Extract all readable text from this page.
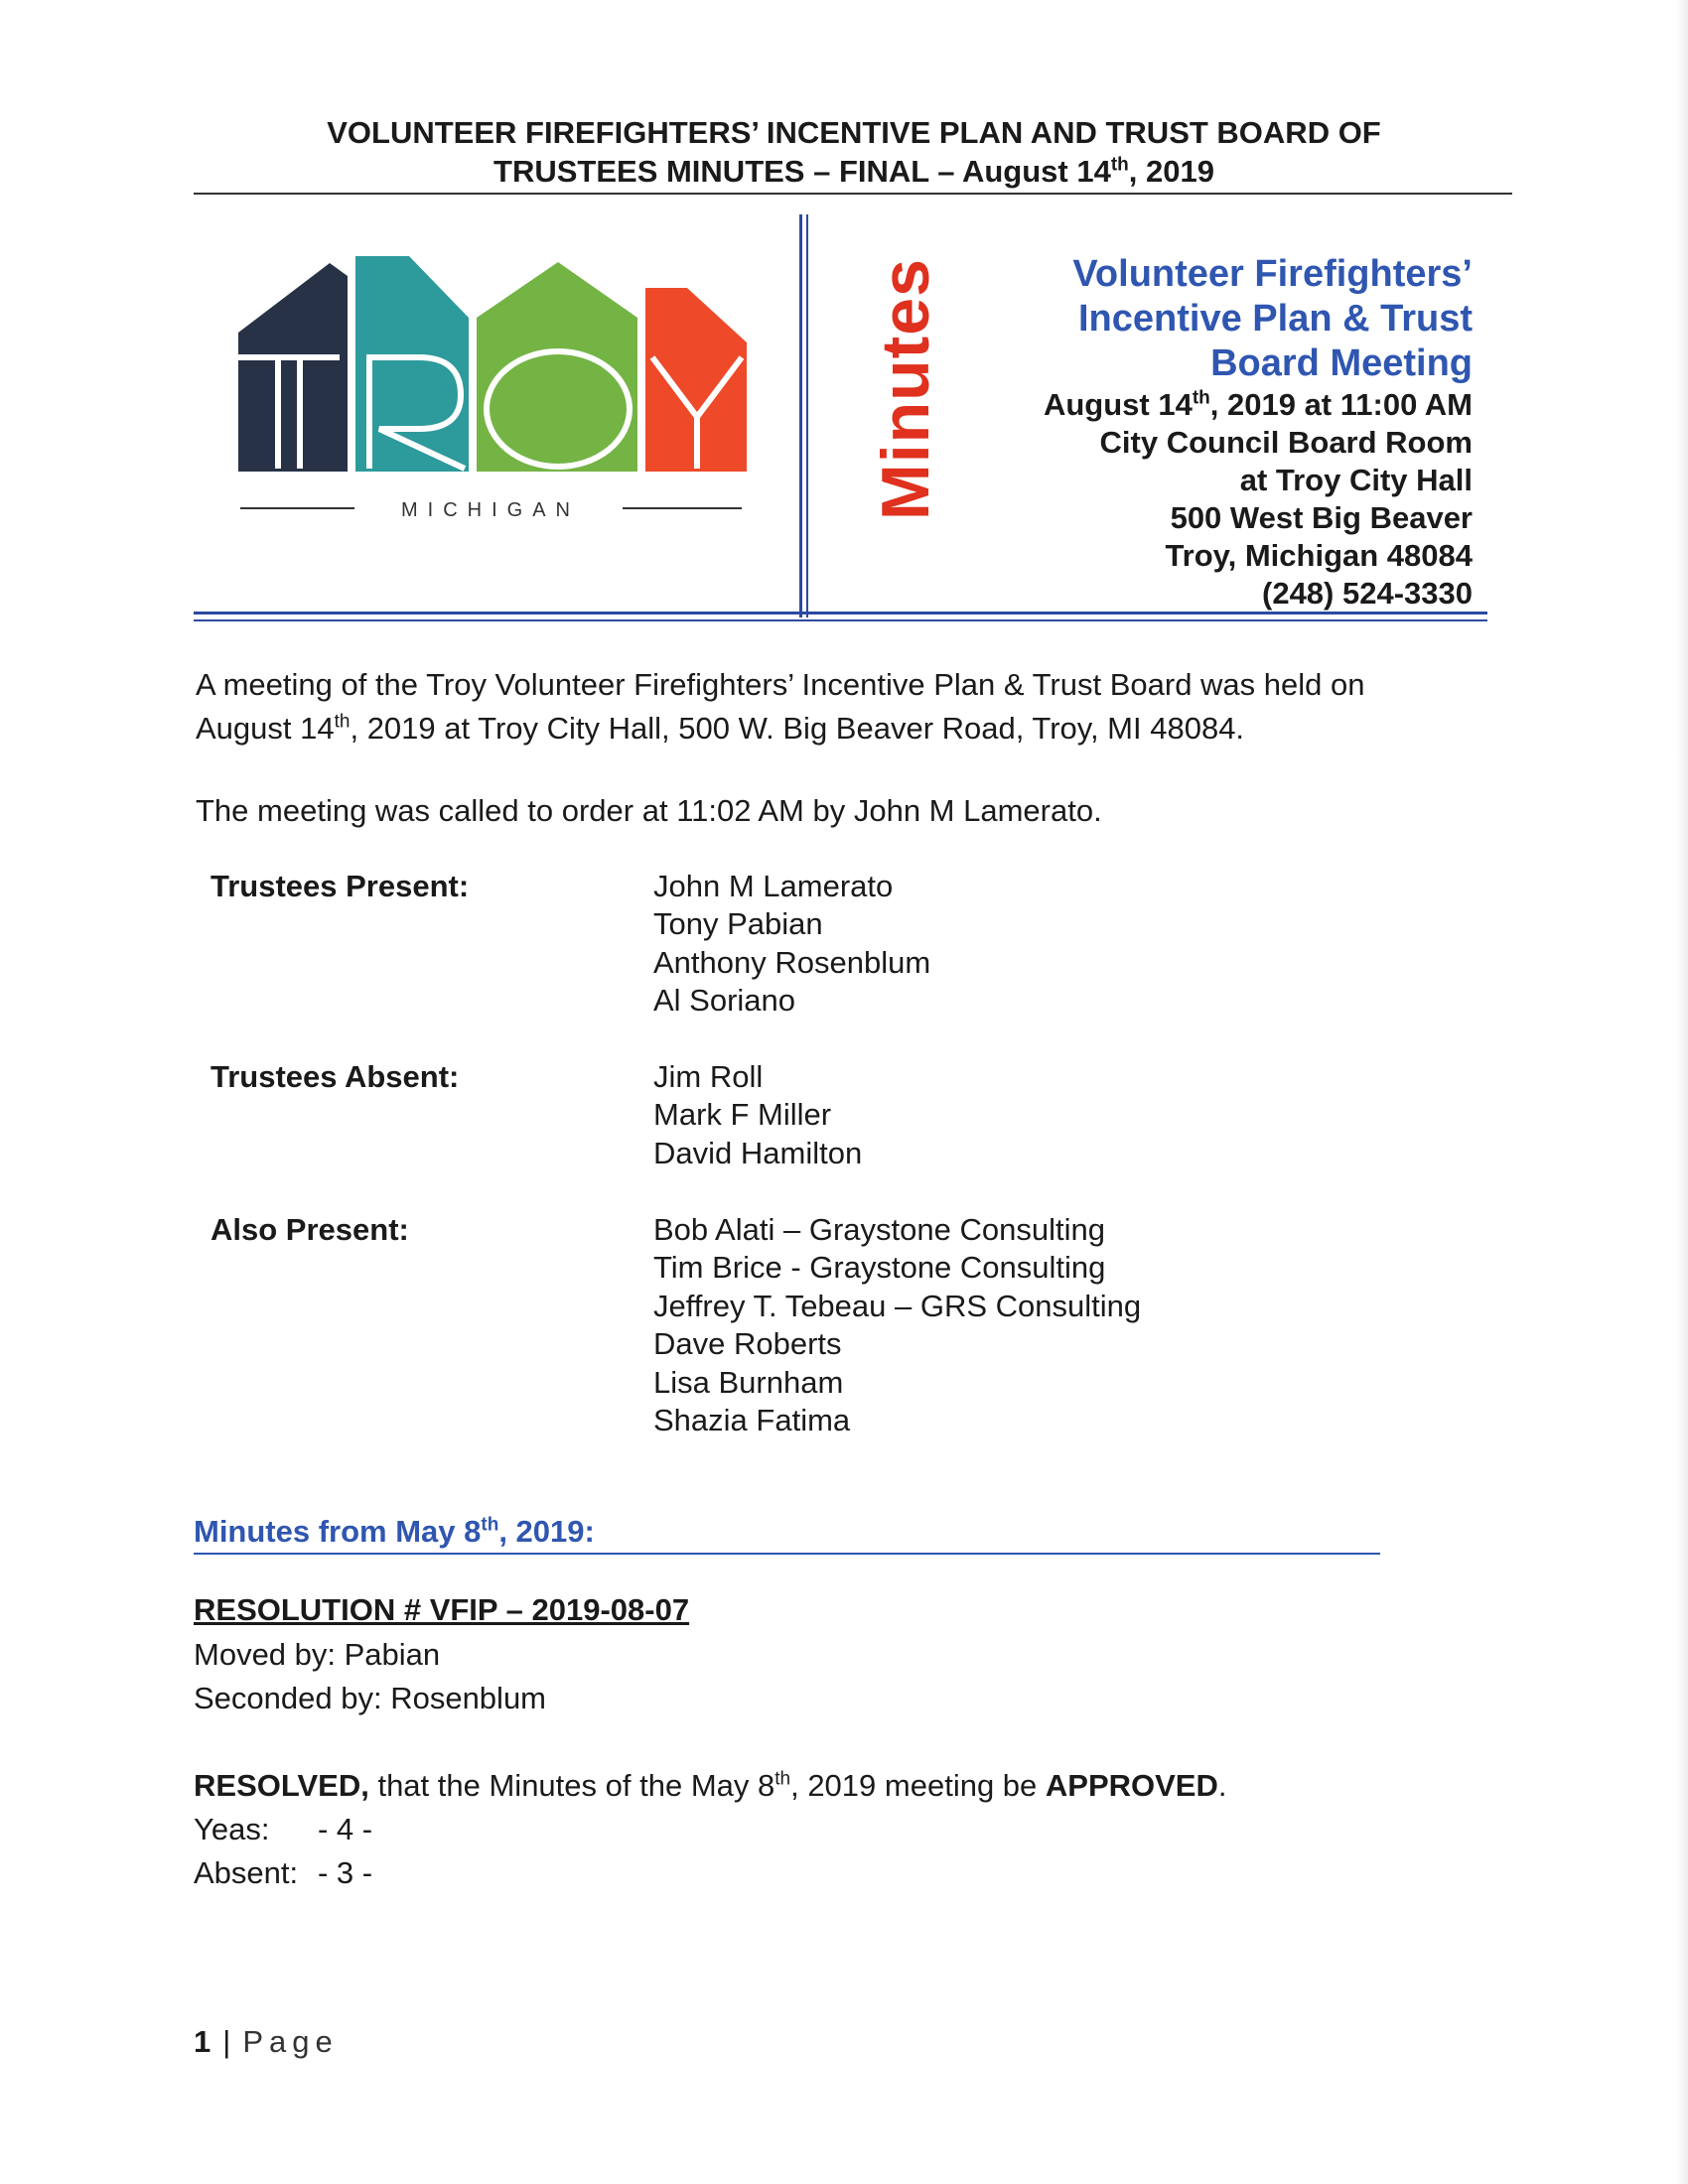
VOLUNTEER FIREFIGHTERS’ INCENTIVE PLAN AND TRUST BOARD OF
TRUSTEES MINUTES – FINAL – August 14th, 2019
MICHIGAN	Minutes	Volunteer Firefighters’
Incentive Plan & Trust
Board Meeting
August 14th, 2019 at 11:00 AM
City Council Board Room
at Troy City Hall
500 West Big Beaver
Troy, Michigan 48084
(248) 524-3330
A meeting of the Troy Volunteer Firefighters’ Incentive Plan & Trust Board was held on
August 14th, 2019 at Troy City Hall, 500 W. Big Beaver Road, Troy, MI 48084.
The meeting was called to order at 11:02 AM by John M Lamerato.
Trustees Present:	John M Lamerato
Tony Pabian
Anthony Rosenblum
Al Soriano
Trustees Absent:	Jim Roll
Mark F Miller
David Hamilton
Also Present:	Bob Alati – Graystone Consulting
Tim Brice - Graystone Consulting
Jeffrey T. Tebeau – GRS Consulting
Dave Roberts
Lisa Burnham
Shazia Fatima
Minutes from May 8th, 2019:
RESOLUTION # VFIP – 2019-08-07
Moved by: Pabian
Seconded by: Rosenblum
RESOLVED, that the Minutes of the May 8th, 2019 meeting be APPROVED.
Yeas: - 4 -
Absent: - 3 -
1 | Page
